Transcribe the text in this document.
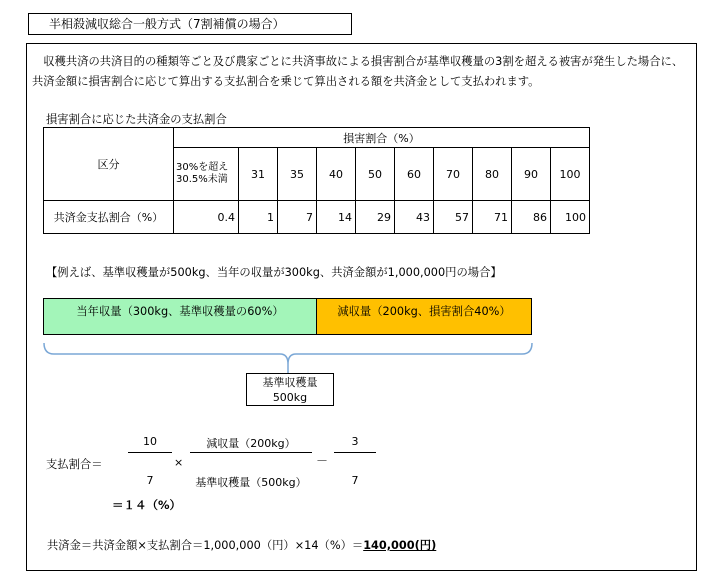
半相殺減収総合一般方式（7割補償の場合）

収穫共済の共済目的の種類等ごと及び農家ごとに共済事故による損害割合が基準収穫量の3割を超える被害が発生した場合に、共済金額に損害割合に応じて算出する支払割合を乗じて算出される額を共済金として支払われます。

損害割合に応じた共済金の支払割合
区分	損害割合（%）									
	30%を超え30.5%未満	31	35	40	50	60	70	80	90	100
共済金支払割合（%）	0.4	1	7	14	29	43	57	71	86	100
【例えば、基準収穫量が500kg、当年の収量が300kg、共済金額が1,000,000円の場合】
当年収量（300kg、基準収穫量の60%）	減収量（200kg、損害割合40%）
基準収穫量
500kg
支払割合＝
10
7
×
減収量（200kg）
基準収穫量（500kg）
－
3
7
＝１４（%）
共済金＝共済金額×支払割合＝1,000,000（円）×14（%）＝140,000(円)
